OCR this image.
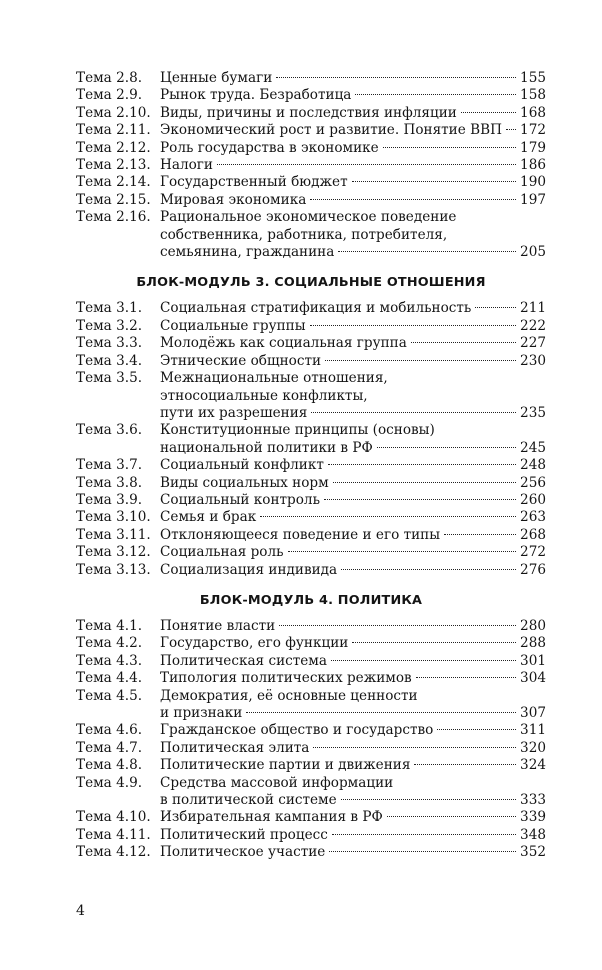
Тема 2.8.	Ценные бумаги	155
Тема 2.9.	Рынок труда. Безработица	158
Тема 2.10. Виды, причины и последствия инфляции	168
Тема 2.11. Экономический рост и развитие. Понятие ВВП 172
Тема 2.12. Роль государства в экономике	179
Тема 2.13. Налоги	186
Тема 2.14. Государственный бюджет	190
Тема 2.15. Мировая экономика	197
Тема 2.16. Рациональное экономическое поведение
собственника, работника, потребителя,
семьянина, гражданина	205
БЛОК-МОДУЛЬ 3. СОЦИАЛЬНЫЕ ОТНОШЕНИЯ
Тема 3.1.	Социальная стратификация и мобильность	211
Тема 3.2.	Социальные группы	222
Тема 3.3.	Молодёжь как социальная группа	227
Тема 3.4.	Этнические общности	230
Тема 3.5.	Межнациональные отношения,
этносоциальные конфликты,
пути их разрешения	235
Тема 3.6.	Конституционные принципы (основы)
национальной политики в РФ	245
Тема 3.7.	Социальный конфликт	248
Тема 3.8.	Виды социальных норм	256
Тема 3.9.	Социальный контроль	260
Тема 3.10. Семья и брак	263
Тема 3.11. Отклоняющееся поведение и его типы	268
Тема 3.12. Социальная роль	272
Тема 3.13. Социализация индивида	276
БЛОК-МОДУЛЬ 4. ПОЛИТИКА
Тема 4.1.	Понятие власти	280
Тема 4.2.	Государство, его функции	288
Тема 4.3.	Политическая система	301
Тема 4.4.	Типология политических режимов	304
Тема 4.5.	Демократия, её основные ценности
и признаки	307
Тема 4.6.	Гражданское общество и государство	311
Тема 4.7.	Политическая элита	320
Тема 4.8.	Политические партии и движения	324
Тема 4.9.	Средства массовой информации
в политической системе	333
Тема 4.10. Избирательная кампания в РФ	339
Тема 4.11. Политический процесс	348
Тема 4.12. Политическое участие	352
4
